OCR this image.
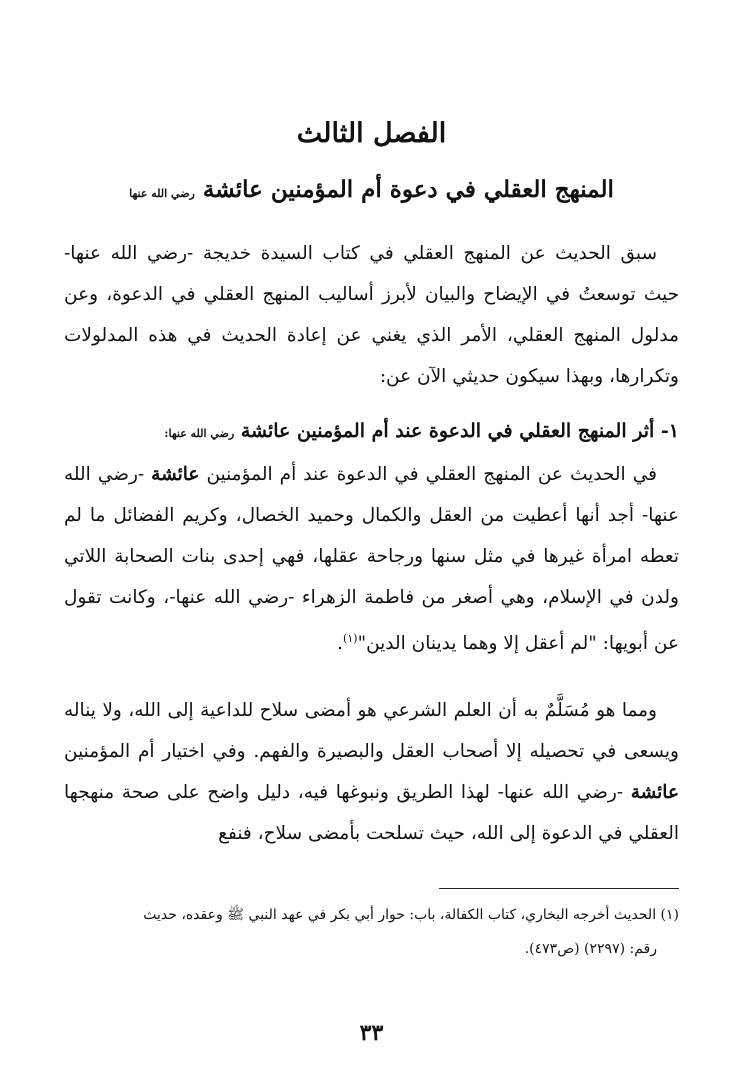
الفصل الثالث
المنهج العقلي في دعوة أم المؤمنين عائشة رضي الله عنها

سبق الحديث عن المنهج العقلي في كتاب السيدة خديجة -رضي الله عنها- حيث توسعتُ في الإيضاح والبيان لأبرز أساليب المنهج العقلي في الدعوة، وعن مدلول المنهج العقلي، الأمر الذي يغني عن إعادة الحديث في هذه المدلولات وتكرارها، وبهذا سيكون حديثي الآن عن:

١- أثر المنهج العقلي في الدعوة عند أم المؤمنين عائشة رضي الله عنها:

في الحديث عن المنهج العقلي في الدعوة عند أم المؤمنين عائشة -رضي الله عنها- أجد أنها أعطيت من العقل والكمال وحميد الخصال، وكريم الفضائل ما لم تعطه امرأة غيرها في مثل سنها ورجاحة عقلها، فهي إحدى بنات الصحابة اللاتي ولدن في الإسلام، وهي أصغر من فاطمة الزهراء -رضي الله عنها-، وكانت تقول عن أبويها: "لم أعقل إلا وهما يدينان الدين"$^{(١)}$.

ومما هو مُسَلَّمٌ به أن العلم الشرعي هو أمضى سلاح للداعية إلى الله، ولا يناله ويسعى في تحصيله إلا أصحاب العقل والبصيرة والفهم. وفي اختيار أم المؤمنين عائشة -رضي الله عنها- لهذا الطريق ونبوغها فيه، دليل واضح على صحة منهجها العقلي في الدعوة إلى الله، حيث تسلحت بأمضى سلاح، فنفع

(١) الحديث أخرجه البخاري، كتاب الكفالة، باب: حوار أبي بكر في عهد النبي ﷺ وعقده، حديث
رقم: (٢٢٩٧) (ص٤٧٣).

٣٣
